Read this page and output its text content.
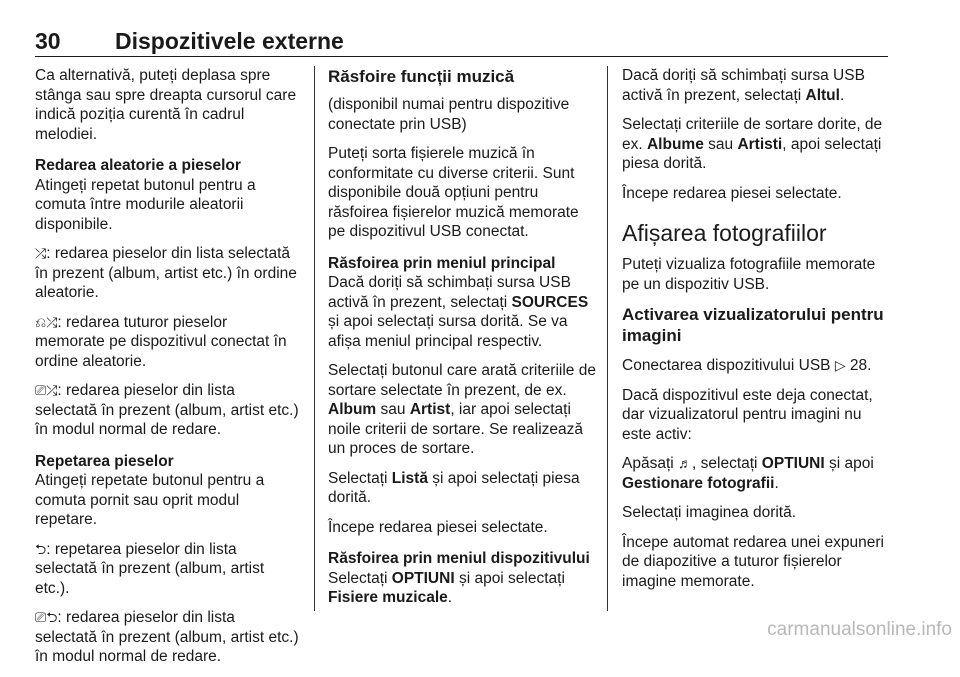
30 Dispozitivele externe

Ca alternativă, puteți deplasa spre stânga sau spre dreapta cursorul care indică poziția curentă în cadrul melodiei.

Redarea aleatorie a pieselor

Atingeți repetat butonul pentru a comuta între modurile aleatorii disponibile.

⤮: redarea pieselor din lista selectată în prezent (album, artist etc.) în ordine aleatorie.

⎌⤮: redarea tuturor pieselor memorate pe dispozitivul conectat în ordine aleatorie.

⎚⤮: redarea pieselor din lista selectată în prezent (album, artist etc.) în modul normal de redare.

Repetarea pieselor

Atingeți repetate butonul pentru a comuta pornit sau oprit modul repetare.

⮌: repetarea pieselor din lista selectată în prezent (album, artist etc.).

⎚⮌: redarea pieselor din lista selectată în prezent (album, artist etc.) în modul normal de redare.

Răsfoire funcții muzică

(disponibil numai pentru dispozitive conectate prin USB)

Puteți sorta fișierele muzică în conformitate cu diverse criterii. Sunt disponibile două opțiuni pentru răsfoirea fișierelor muzică memorate pe dispozitivul USB conectat.

Răsfoirea prin meniul principal

Dacă doriți să schimbați sursa USB activă în prezent, selectați SOURCES și apoi selectați sursa dorită. Se va afișa meniul principal respectiv.

Selectați butonul care arată criteriile de sortare selectate în prezent, de ex. Album sau Artist, iar apoi selectați noile criterii de sortare. Se realizează un proces de sortare.

Selectați Listă și apoi selectați piesa dorită.

Începe redarea piesei selectate.

Răsfoirea prin meniul dispozitivului

Selectați OPTIUNI și apoi selectați Fisiere muzicale.

Dacă doriți să schimbați sursa USB activă în prezent, selectați Altul.

Selectați criteriile de sortare dorite, de ex. Albume sau Artisti, apoi selectați piesa dorită.

Începe redarea piesei selectate.

Afișarea fotografiilor

Puteți vizualiza fotografiile memorate pe un dispozitiv USB.

Activarea vizualizatorului pentru imagini

Conectarea dispozitivului USB ▷ 28.

Dacă dispozitivul este deja conectat, dar vizualizatorul pentru imagini nu este activ:

Apăsați ♬, selectați OPTIUNI și apoi Gestionare fotografii.

Selectați imaginea dorită.

Începe automat redarea unei expuneri de diapozitive a tuturor fișierelor imagine memorate.

carmanualsonline.info
